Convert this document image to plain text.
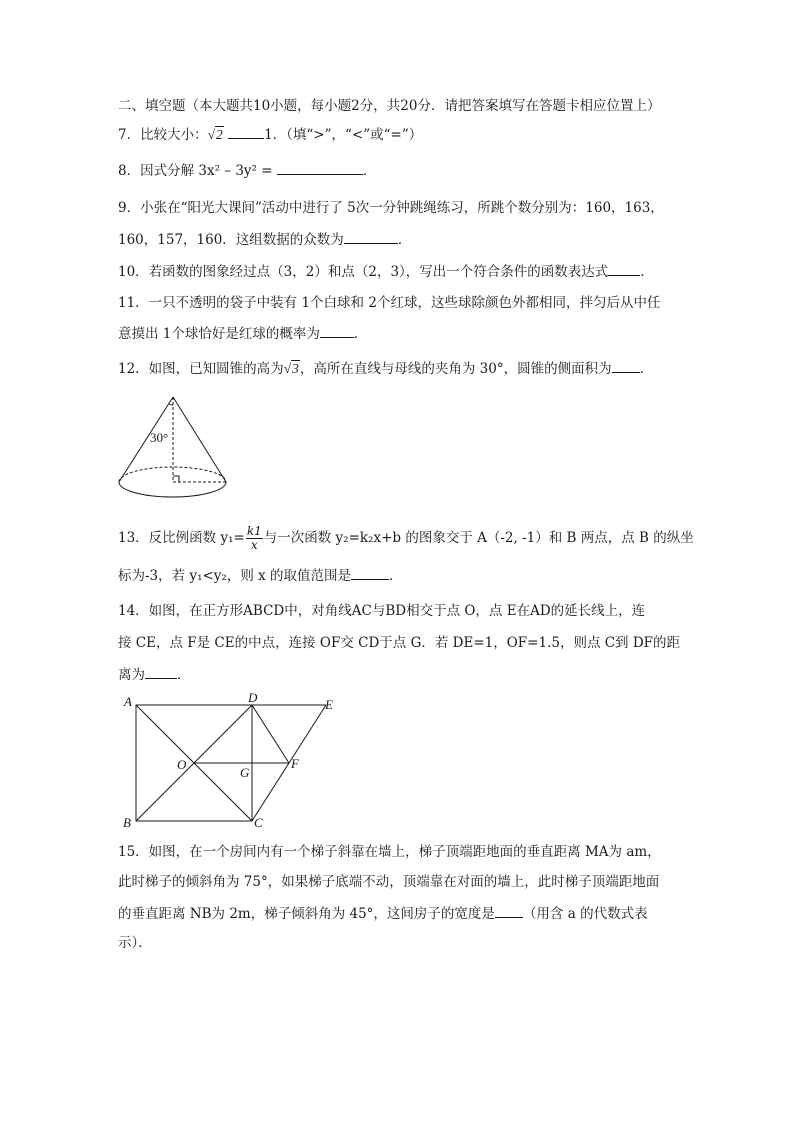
二、填空题（本大题共10小题，每小题2分，共20分．请把答案填写在答题卡相应位置上）
7．比较大小：√2	1．（填“>”，“<”或“=”）
8．因式分解 3x² – 3y² =	．
9．小张在“阳光大课间”活动中进行了 5次一分钟跳绳练习，所跳个数分别为：160，163，
160，157，160．这组数据的众数为	．
10．若函数的图象经过点（3，2）和点（2，3），写出一个符合条件的函数表达式 ．
11．一只不透明的袋子中装有 1个白球和 2个红球，这些球除颜色外都相同，拌匀后从中任
意摸出 1个球恰好是红球的概率为	．
12．如图，已知圆锥的高为√3，高所在直线与母线的夹角为 30°，圆锥的侧面积为 ．
30°
13．反比例函数 $y_1= \frac{k1}{x}$ 与一次函数 y₂=k₂x+b 的图象交于 A（-2, -1）和 B 两点，点 B 的纵坐
标为-3，若 y₁<y₂，则 x 的取值范围是	．
14．如图，在正方形ABCD中，对角线AC与BD相交于点 O，点 E在AD的延长线上，连
接 CE，点 F是 CE的中点，连接 OF交 CD于点 G．若 DE=1，OF=1.5，则点 C到 DF的距
离为 ．
A
B	C
D	E
F
G
O
15．如图，在一个房间内有一个梯子斜靠在墙上，梯子顶端距地面的垂直距离 MA为 am，
此时梯子的倾斜角为 75°，如果梯子底端不动，顶端靠在对面的墙上，此时梯子顶端距地面
的垂直距离 NB为 2m，梯子倾斜角为 45°，这间房子的宽度是 （用含 a 的代数式表
示）．
